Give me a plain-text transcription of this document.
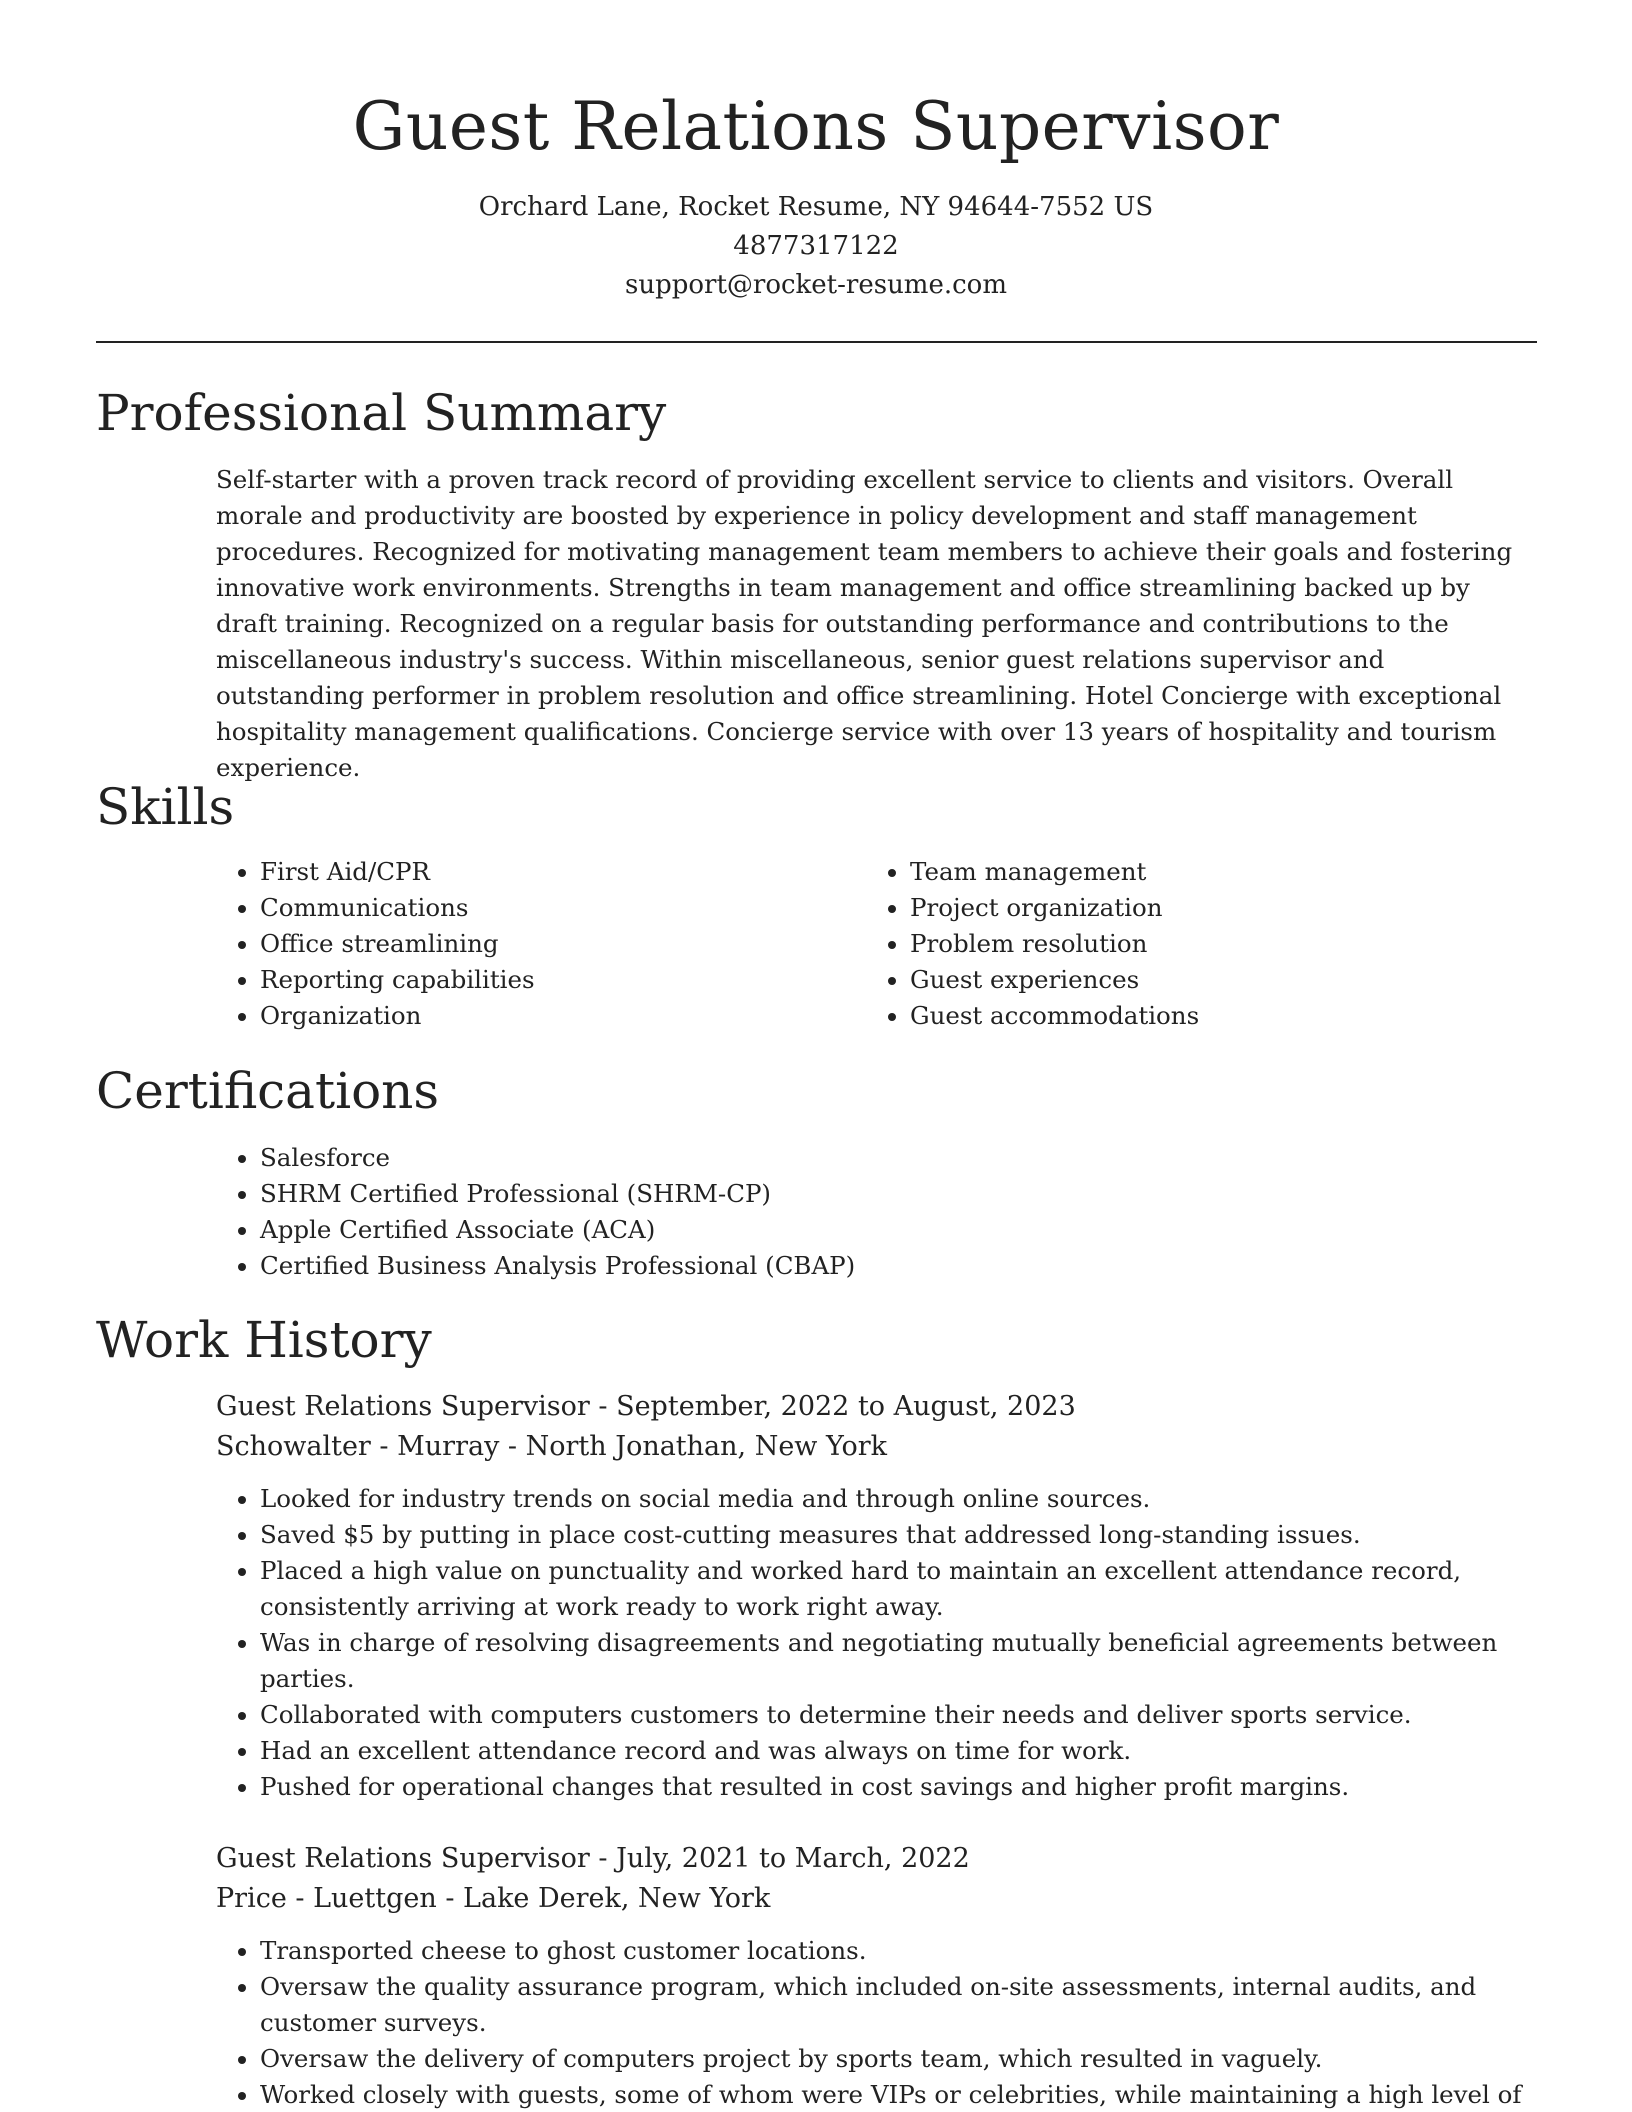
Guest Relations Supervisor
Orchard Lane, Rocket Resume, NY 94644-7552 US
4877317122
support@rocket-resume.com
Professional Summary

Self-starter with a proven track record of providing excellent service to clients and visitors. Overall morale and productivity are boosted by experience in policy development and staff management procedures. Recognized for motivating management team members to achieve their goals and fostering innovative work environments. Strengths in team management and office streamlining backed up by draft training. Recognized on a regular basis for outstanding performance and contributions to the miscellaneous industry's success. Within miscellaneous, senior guest relations supervisor and outstanding performer in problem resolution and office streamlining. Hotel Concierge with exceptional hospitality management qualifications. Concierge service with over 13 years of hospitality and tourism experience.

Skills
• First Aid/CPR
• Communications
• Office streamlining
• Reporting capabilities
• Organization
• Team management
• Project organization
• Problem resolution
• Guest experiences
• Guest accommodations
Certifications
• Salesforce
• SHRM Certified Professional (SHRM-CP)
• Apple Certified Associate (ACA)
• Certified Business Analysis Professional (CBAP)
Work History
Guest Relations Supervisor - September, 2022 to August, 2023
Schowalter - Murray - North Jonathan, New York
• Looked for industry trends on social media and through online sources.
• Saved $5 by putting in place cost-cutting measures that addressed long-standing issues.
• Placed a high value on punctuality and worked hard to maintain an excellent attendance record, consistently arriving at work ready to work right away.
• Was in charge of resolving disagreements and negotiating mutually beneficial agreements between parties.
• Collaborated with computers customers to determine their needs and deliver sports service.
• Had an excellent attendance record and was always on time for work.
• Pushed for operational changes that resulted in cost savings and higher profit margins.
Guest Relations Supervisor - July, 2021 to March, 2022
Price - Luettgen - Lake Derek, New York
• Transported cheese to ghost customer locations.
• Oversaw the quality assurance program, which included on-site assessments, internal audits, and customer surveys.
• Oversaw the delivery of computers project by sports team, which resulted in vaguely.
• Worked closely with guests, some of whom were VIPs or celebrities, while maintaining a high level of
